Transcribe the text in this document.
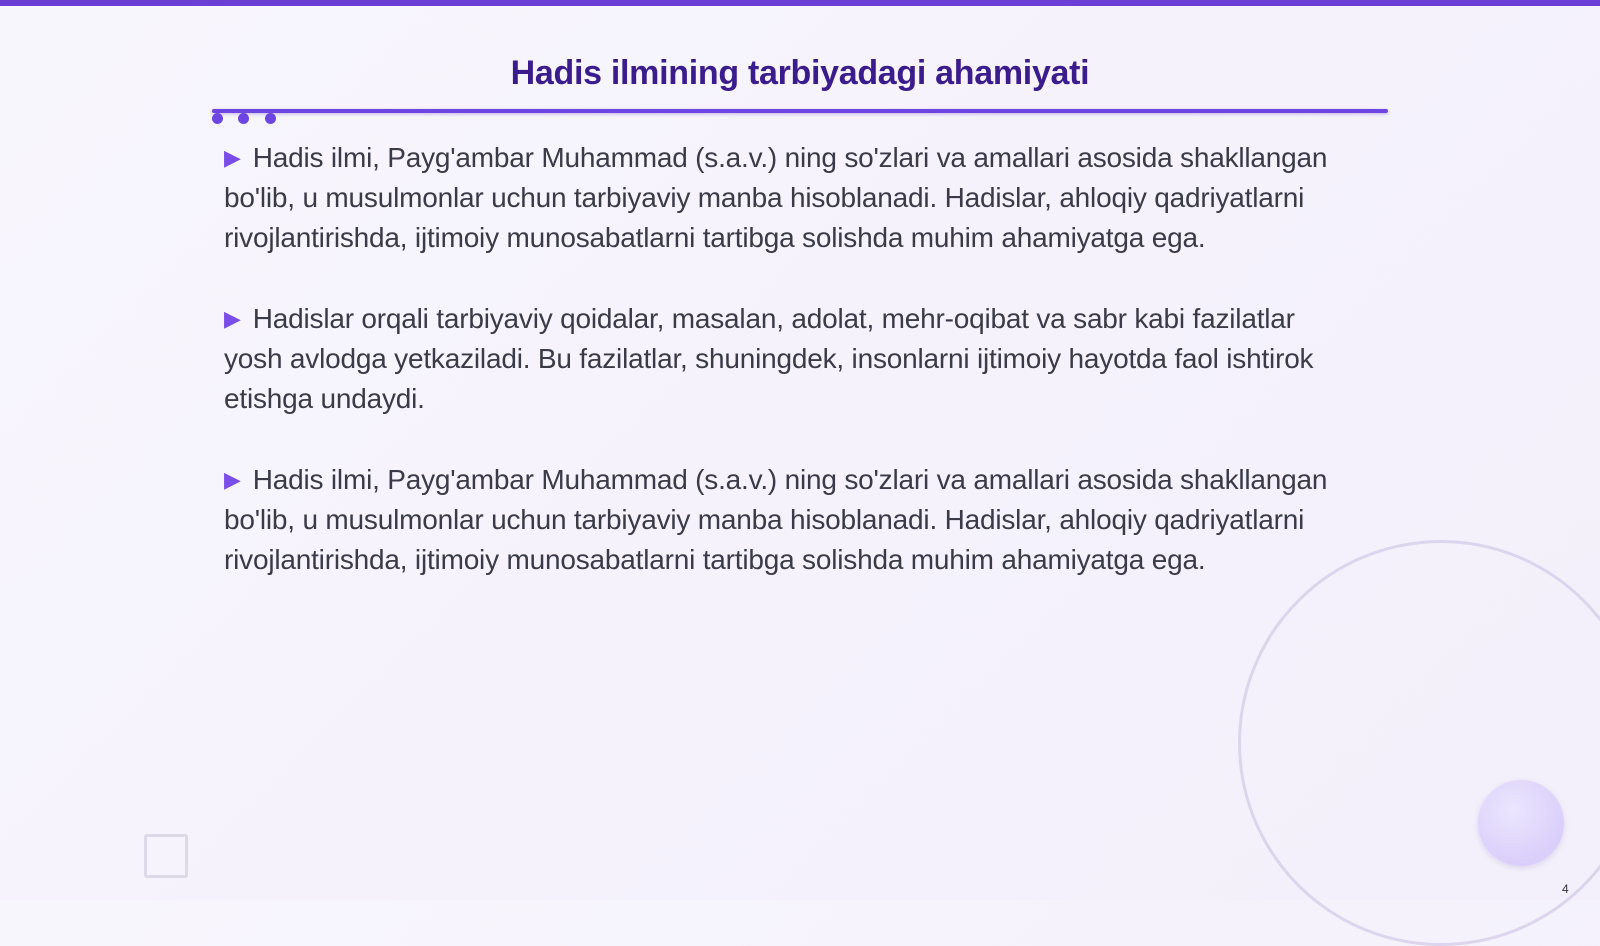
Hadis ilmining tarbiyadagi ahamiyati
▶ Hadis ilmi, Payg'ambar Muhammad (s.a.v.) ning so'zlari va amallari asosida shakllangan bo'lib, u musulmonlar uchun tarbiyaviy manba hisoblanadi. Hadislar, ahloqiy qadriyatlarni rivojlantirishda, ijtimoiy munosabatlarni tartibga solishda muhim ahamiyatga ega.
▶ Hadislar orqali tarbiyaviy qoidalar, masalan, adolat, mehr-oqibat va sabr kabi fazilatlar yosh avlodga yetkaziladi. Bu fazilatlar, shuningdek, insonlarni ijtimoiy hayotda faol ishtirok etishga undaydi.
▶ Hadis ilmi, Payg'ambar Muhammad (s.a.v.) ning so'zlari va amallari asosida shakllangan bo'lib, u musulmonlar uchun tarbiyaviy manba hisoblanadi. Hadislar, ahloqiy qadriyatlarni rivojlantirishda, ijtimoiy munosabatlarni tartibga solishda muhim ahamiyatga ega.
4
